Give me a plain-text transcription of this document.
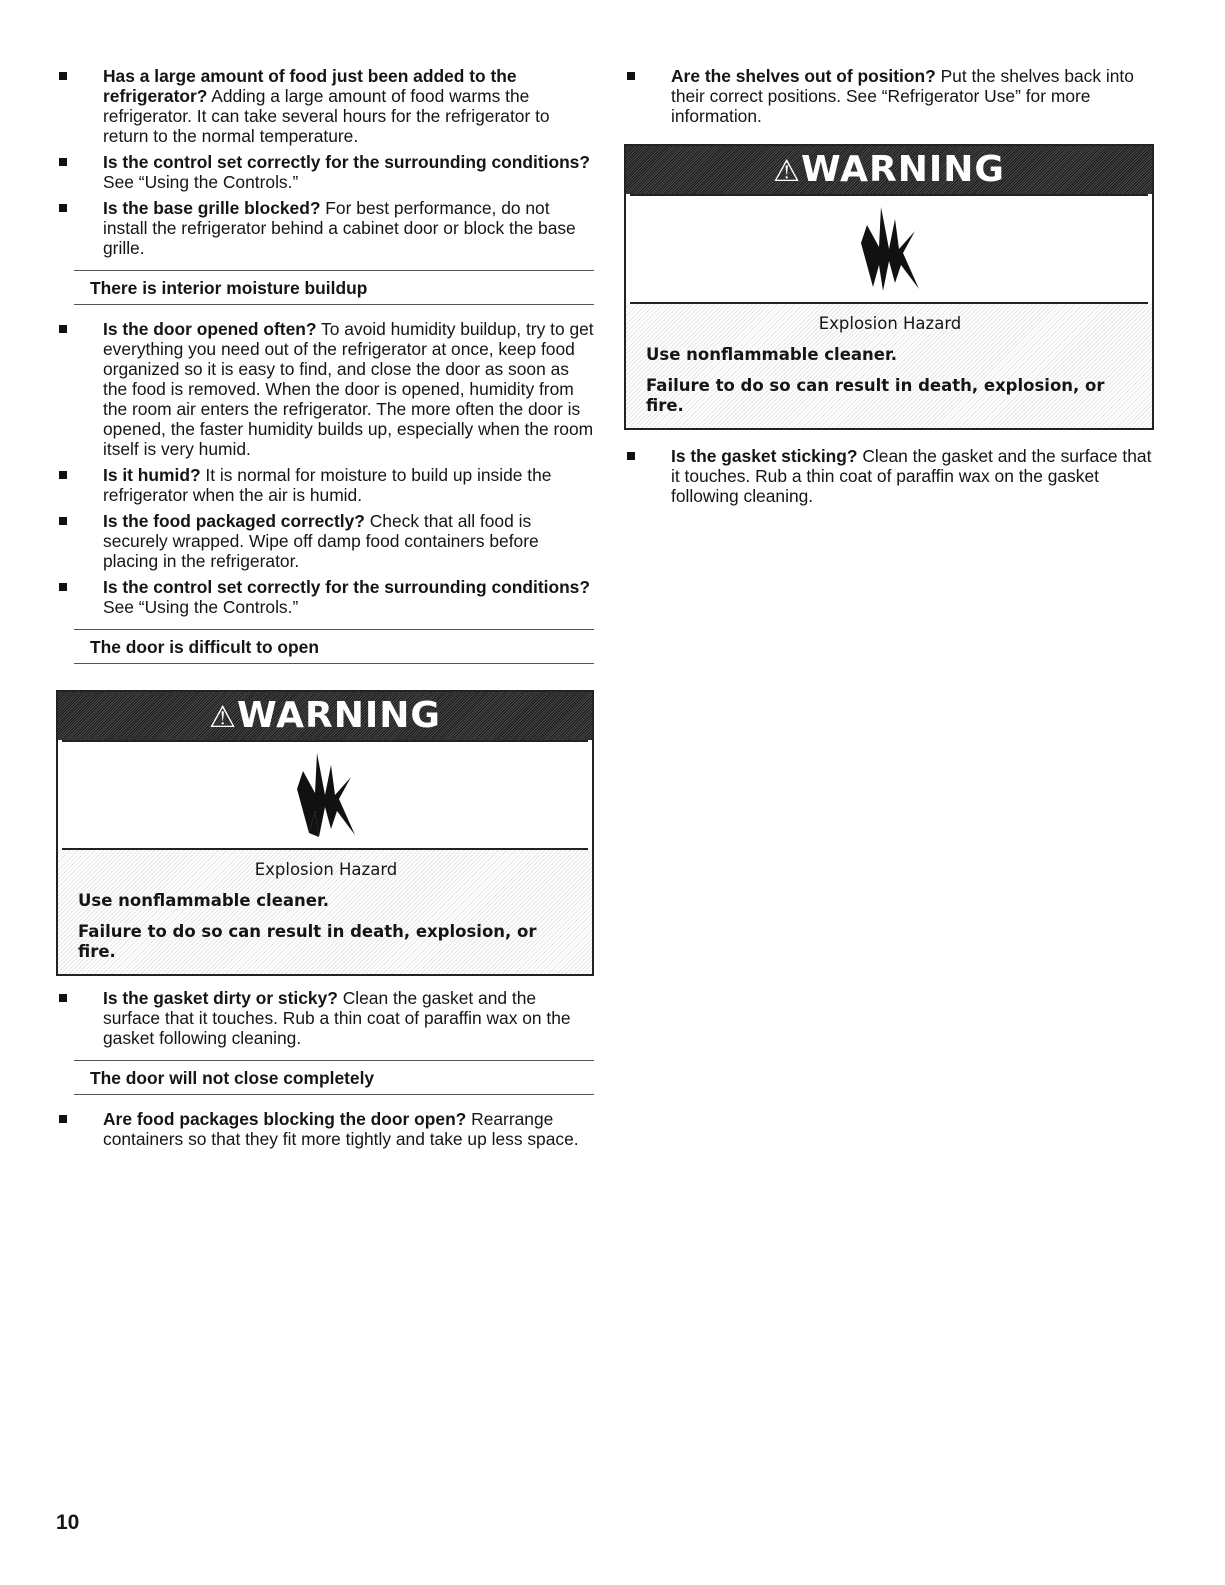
Has a large amount of food just been added to the refrigerator? Adding a large amount of food warms the refrigerator. It can take several hours for the refrigerator to return to the normal temperature.
Is the control set correctly for the surrounding conditions? See “Using the Controls.”
Is the base grille blocked? For best performance, do not install the refrigerator behind a cabinet door or block the base grille.
There is interior moisture buildup
Is the door opened often? To avoid humidity buildup, try to get everything you need out of the refrigerator at once, keep food organized so it is easy to find, and close the door as soon as the food is removed. When the door is opened, humidity from the room air enters the refrigerator. The more often the door is opened, the faster humidity builds up, especially when the room itself is very humid.
Is it humid? It is normal for moisture to build up inside the refrigerator when the air is humid.
Is the food packaged correctly? Check that all food is securely wrapped. Wipe off damp food containers before placing in the refrigerator.
Is the control set correctly for the surrounding conditions? See “Using the Controls.”
The door is difficult to open
⚠WARNING
Explosion Hazard
Use nonflammable cleaner.
Failure to do so can result in death, explosion, or fire.
Is the gasket dirty or sticky? Clean the gasket and the surface that it touches. Rub a thin coat of paraffin wax on the gasket following cleaning.
The door will not close completely
Are food packages blocking the door open? Rearrange containers so that they fit more tightly and take up less space.
Are the shelves out of position? Put the shelves back into their correct positions. See “Refrigerator Use” for more information.
⚠WARNING
Explosion Hazard
Use nonflammable cleaner.
Failure to do so can result in death, explosion, or fire.
Is the gasket sticking? Clean the gasket and the surface that it touches. Rub a thin coat of paraffin wax on the gasket following cleaning.
10
